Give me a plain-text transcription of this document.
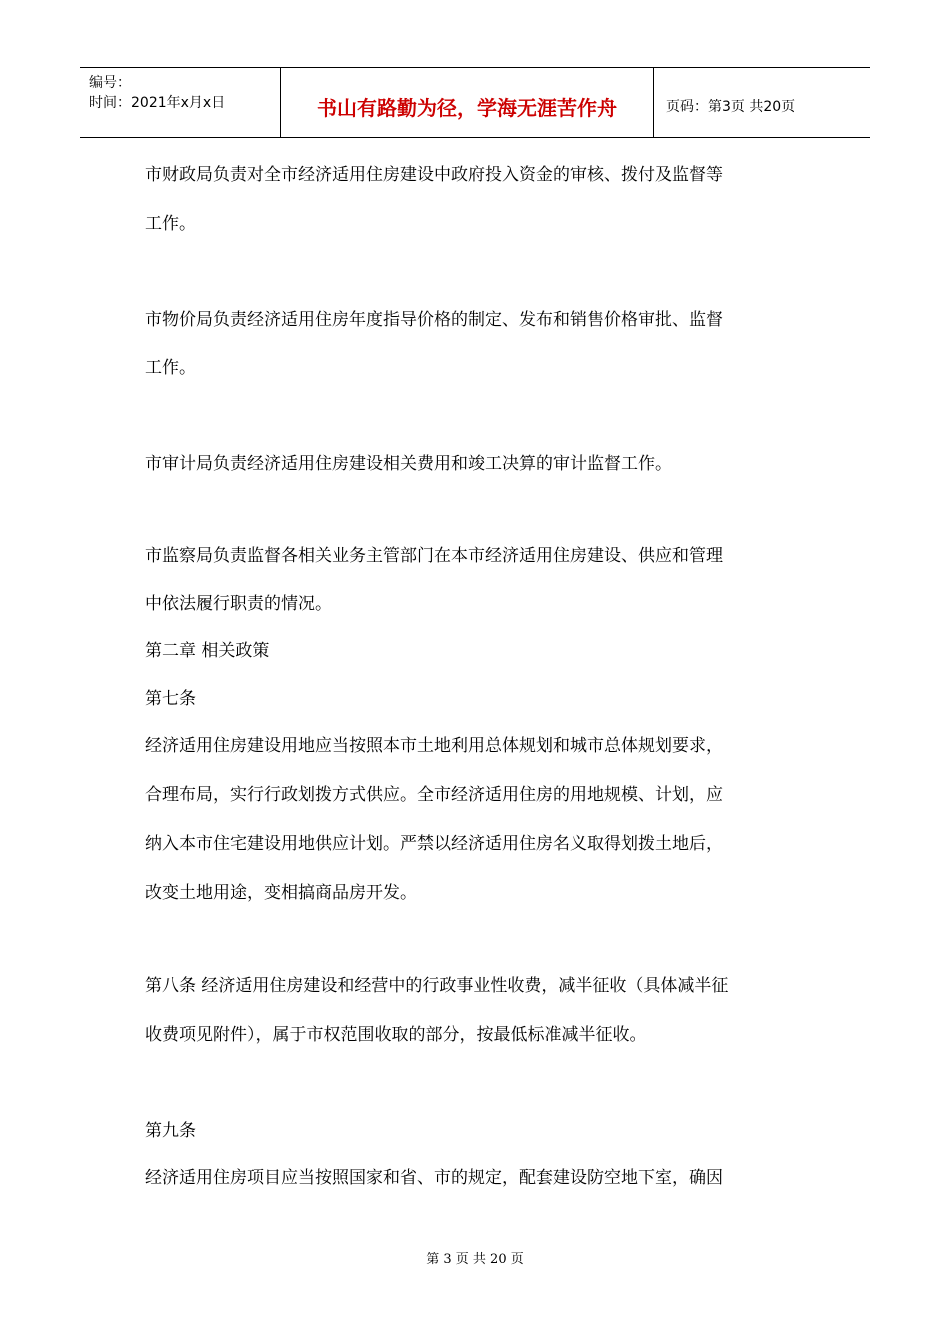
编号：
时间：2021年x月x日	书山有路勤为径，学海无涯苦作舟	页码：第3页 共20页
市财政局负责对全市经济适用住房建设中政府投入资金的审核、拨付及监督等
工作。
市物价局负责经济适用住房年度指导价格的制定、发布和销售价格审批、监督
工作。
市审计局负责经济适用住房建设相关费用和竣工决算的审计监督工作。
市监察局负责监督各相关业务主管部门在本市经济适用住房建设、供应和管理
中依法履行职责的情况。
第二章 相关政策
第七条
经济适用住房建设用地应当按照本市土地利用总体规划和城市总体规划要求，
合理布局，实行行政划拨方式供应。全市经济适用住房的用地规模、计划，应
纳入本市住宅建设用地供应计划。严禁以经济适用住房名义取得划拨土地后，
改变土地用途，变相搞商品房开发。
第八条 经济适用住房建设和经营中的行政事业性收费，减半征收（具体减半征
收费项见附件），属于市权范围收取的部分，按最低标准减半征收。
第九条
经济适用住房项目应当按照国家和省、市的规定，配套建设防空地下室，确因
第 3 页 共 20 页
